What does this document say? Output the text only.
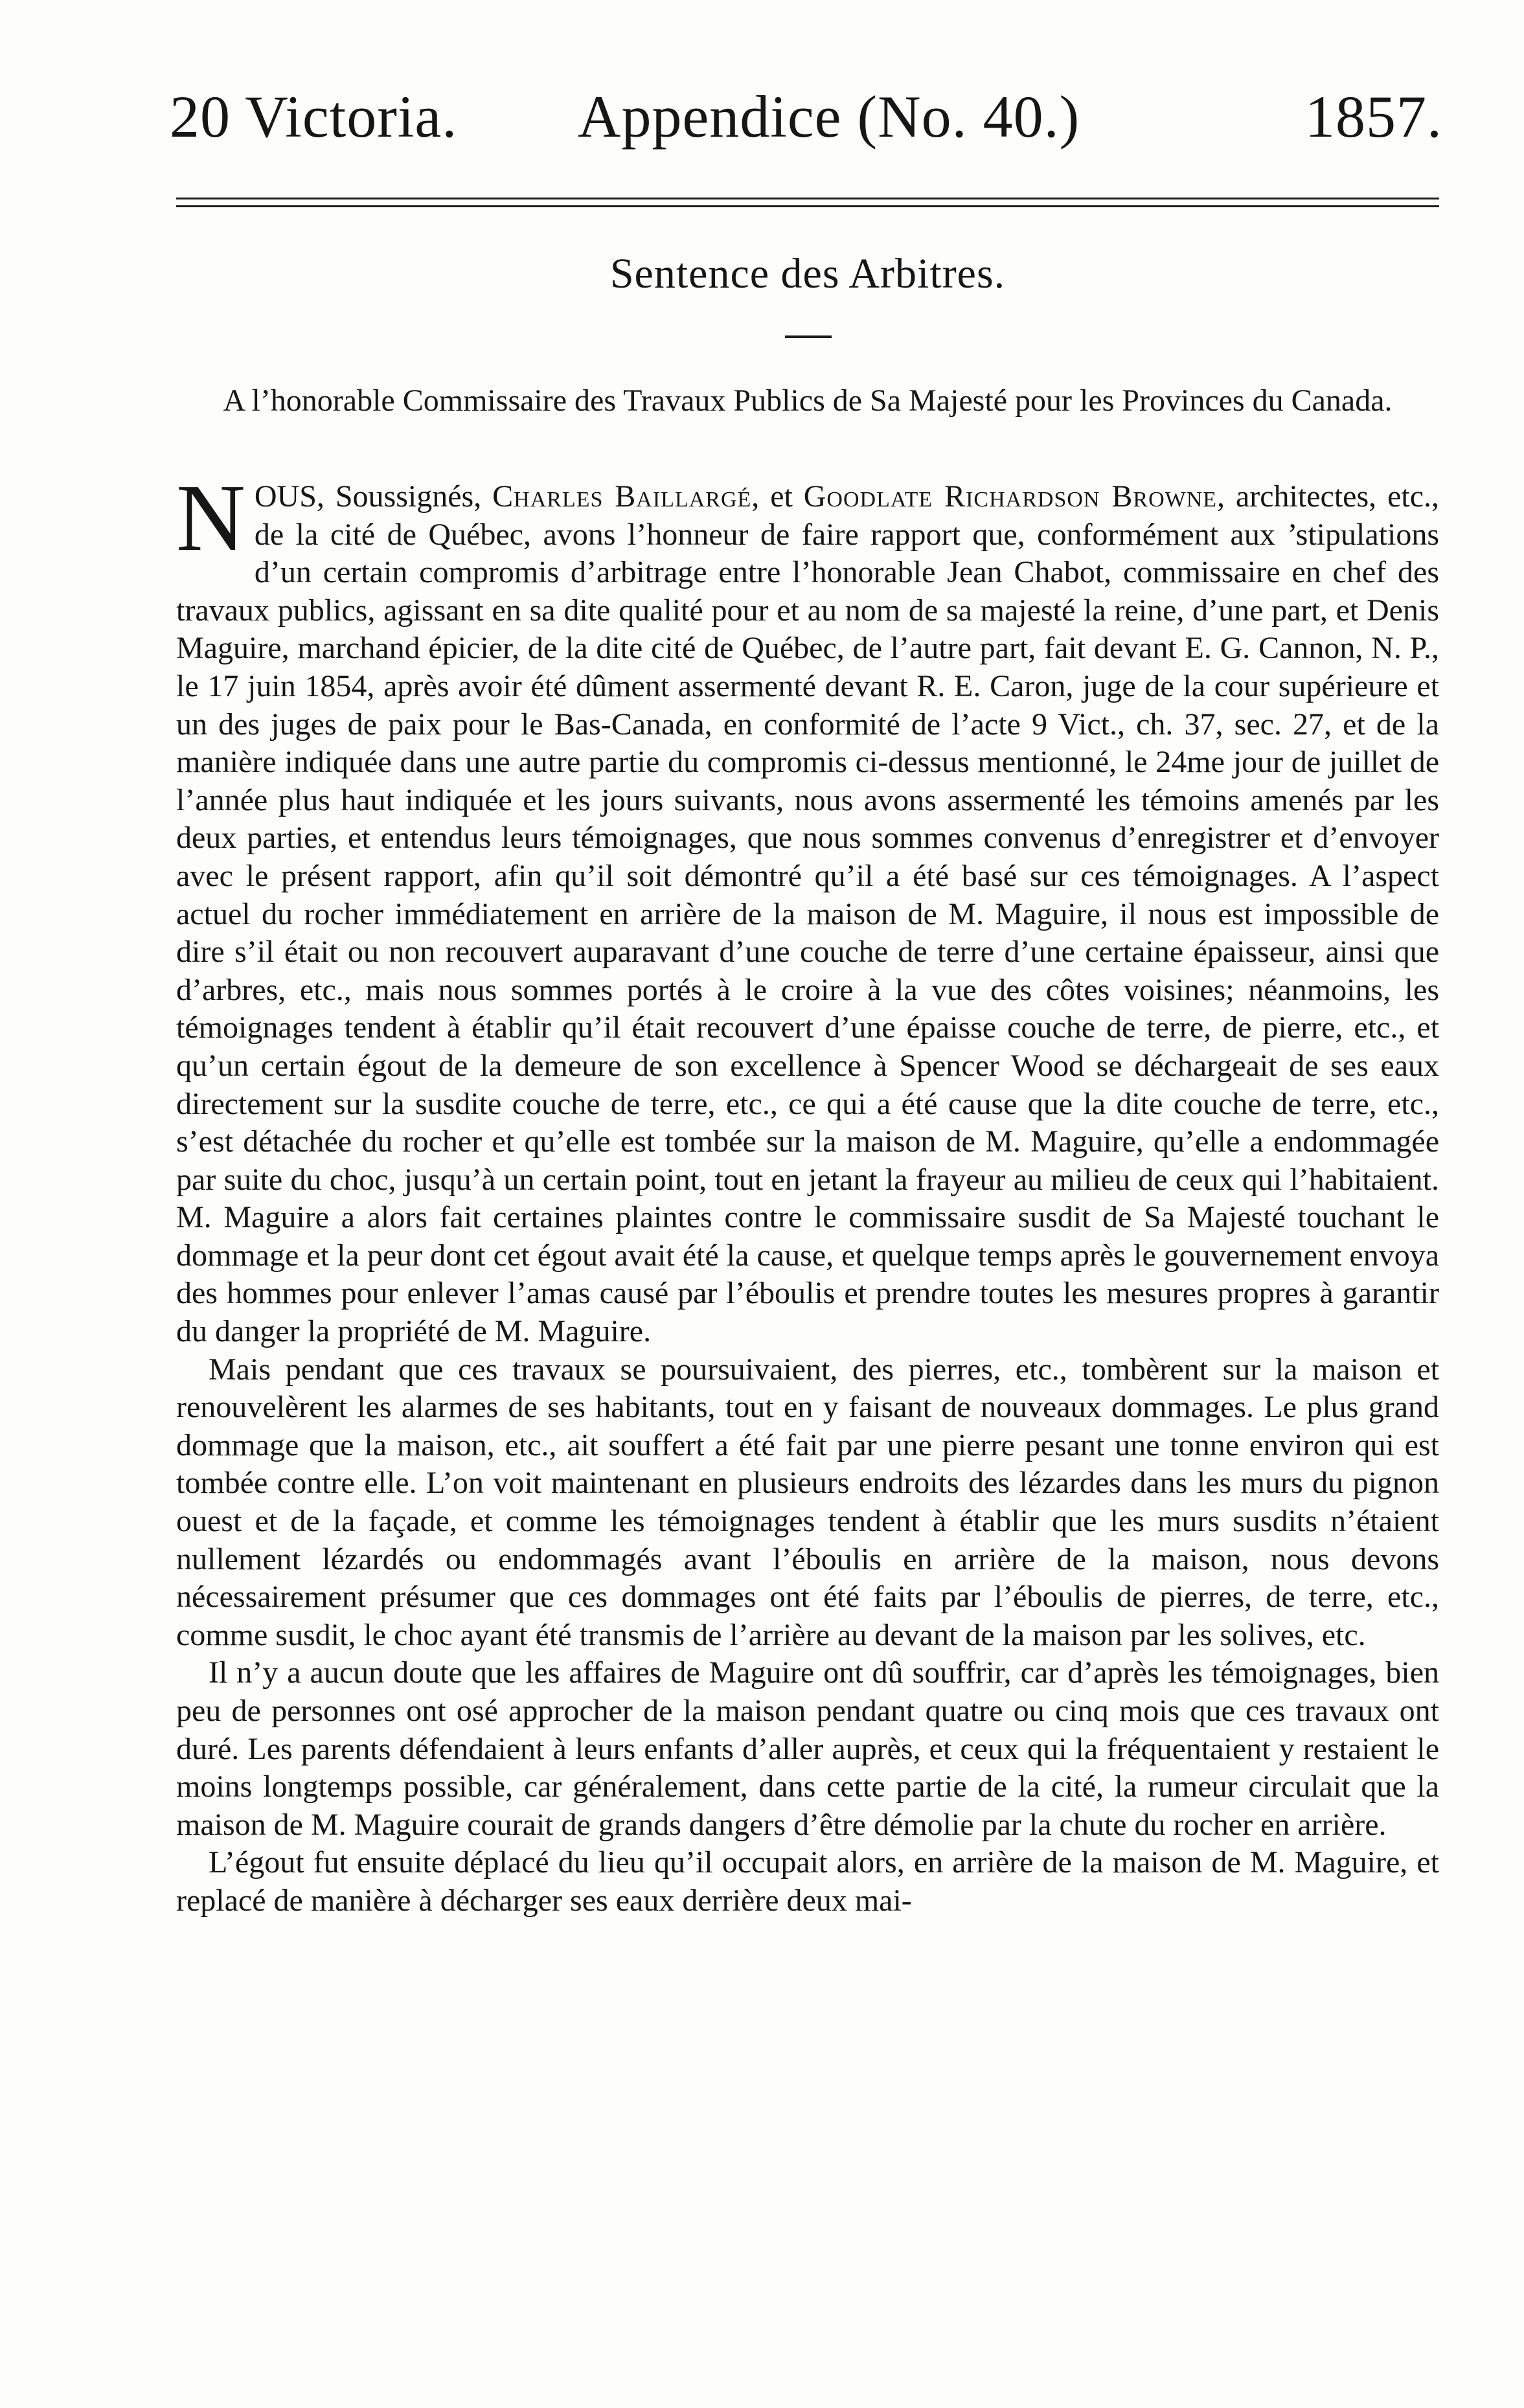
20 Victoria. Appendice (No. 40.)	1857.
Sentence des Arbitres.
A l’honorable Commissaire des Travaux Publics de Sa Majesté pour les Provinces du Canada.

NOUS, Soussignés, Charles Baillargé, et Goodlate Richardson Browne, architectes, etc., de la cité de Québec, avons l’honneur de faire rapport que, conformément aux ’stipulations d’un certain compromis d’arbitrage entre l’honorable Jean Chabot, commissaire en chef des travaux publics, agissant en sa dite qualité pour et au nom de sa majesté la reine, d’une part, et Denis Maguire, marchand épicier, de la dite cité de Québec, de l’autre part, fait devant E. G. Cannon, N. P., le 17 juin 1854, après avoir été dûment assermenté devant R. E. Caron, juge de la cour supérieure et un des juges de paix pour le Bas-Canada, en conformité de l’acte 9 Vict., ch. 37, sec. 27, et de la manière indiquée dans une autre partie du compromis ci-dessus mentionné, le 24me jour de juillet de l’année plus haut indiquée et les jours suivants, nous avons assermenté les témoins amenés par les deux parties, et entendus leurs témoignages, que nous sommes convenus d’enregistrer et d’envoyer avec le présent rapport, afin qu’il soit démontré qu’il a été basé sur ces témoignages. A l’aspect actuel du rocher immédiatement en arrière de la maison de M. Maguire, il nous est impossible de dire s’il était ou non recouvert auparavant d’une couche de terre d’une certaine épaisseur, ainsi que d’arbres, etc., mais nous sommes portés à le croire à la vue des côtes voisines; néanmoins, les témoignages tendent à établir qu’il était recouvert d’une épaisse couche de terre, de pierre, etc., et qu’un certain égout de la demeure de son excellence à Spencer Wood se déchargeait de ses eaux directement sur la susdite couche de terre, etc., ce qui a été cause que la dite couche de terre, etc., s’est détachée du rocher et qu’elle est tombée sur la maison de M. Maguire, qu’elle a endommagée par suite du choc, jusqu’à un certain point, tout en jetant la frayeur au milieu de ceux qui l’habitaient. M. Maguire a alors fait certaines plaintes contre le commissaire susdit de Sa Majesté touchant le dommage et la peur dont cet égout avait été la cause, et quelque temps après le gouvernement envoya des hommes pour enlever l’amas causé par l’éboulis et prendre toutes les mesures propres à garantir du danger la propriété de M. Maguire.

Mais pendant que ces travaux se poursuivaient, des pierres, etc., tombèrent sur la maison et renouvelèrent les alarmes de ses habitants, tout en y faisant de nouveaux dommages. Le plus grand dommage que la maison, etc., ait souffert a été fait par une pierre pesant une tonne environ qui est tombée contre elle. L’on voit maintenant en plusieurs endroits des lézardes dans les murs du pignon ouest et de la façade, et comme les témoignages tendent à établir que les murs susdits n’étaient nullement lézardés ou endommagés avant l’éboulis en arrière de la maison, nous devons nécessairement présumer que ces dommages ont été faits par l’éboulis de pierres, de terre, etc., comme susdit, le choc ayant été transmis de l’arrière au devant de la maison par les solives, etc.

Il n’y a aucun doute que les affaires de Maguire ont dû souffrir, car d’après les témoignages, bien peu de personnes ont osé approcher de la maison pendant quatre ou cinq mois que ces travaux ont duré. Les parents défendaient à leurs enfants d’aller auprès, et ceux qui la fréquentaient y restaient le moins longtemps possible, car généralement, dans cette partie de la cité, la rumeur circulait que la maison de M. Maguire courait de grands dangers d’être démolie par la chute du rocher en arrière.

L’égout fut ensuite déplacé du lieu qu’il occupait alors, en arrière de la maison de M. Maguire, et replacé de manière à décharger ses eaux derrière deux mai-
